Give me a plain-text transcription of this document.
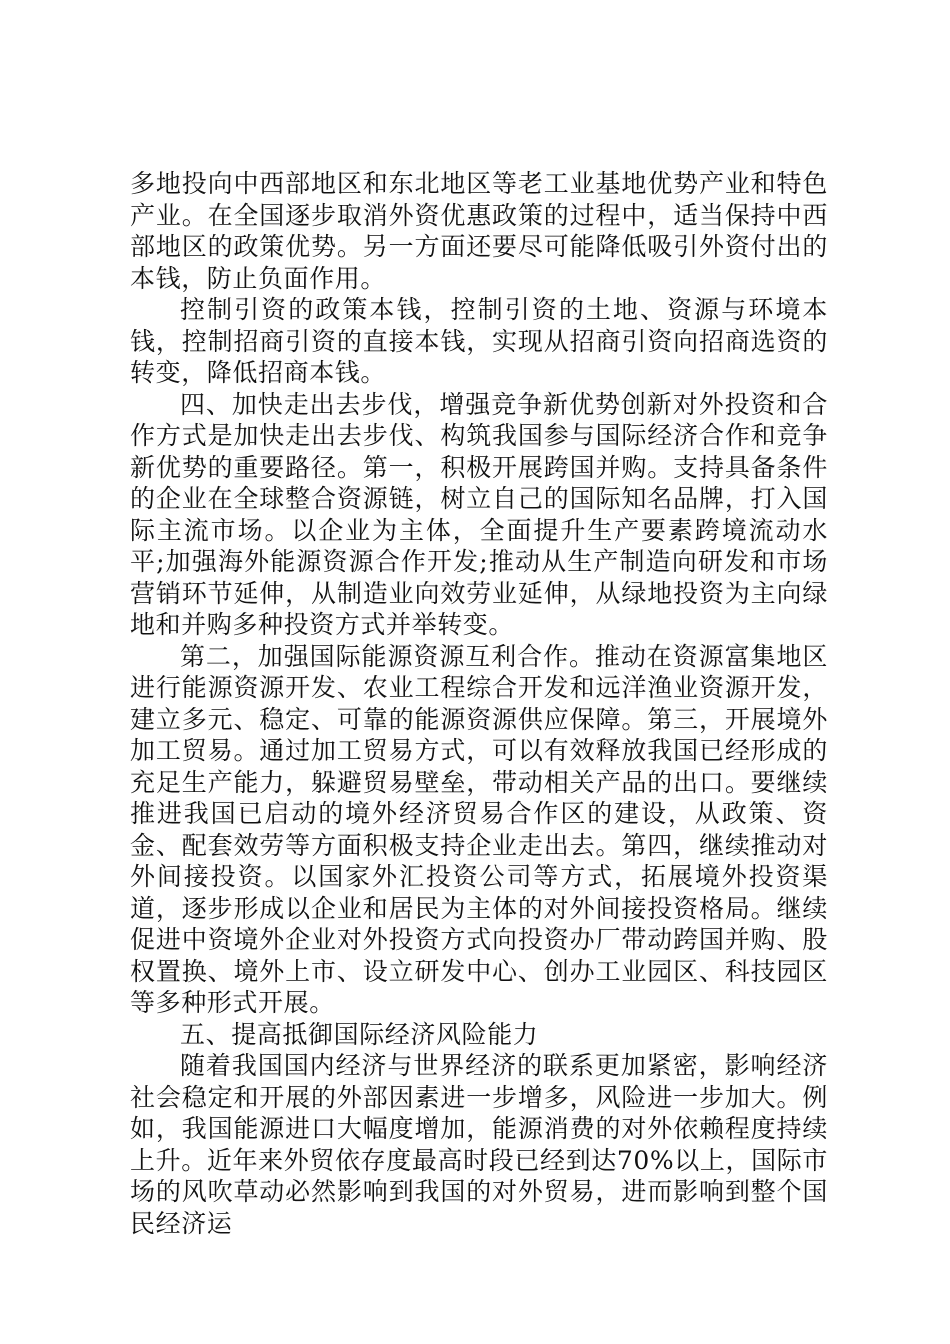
多地投向中西部地区和东北地区等老工业基地优势产业和特色产业。在全国逐步取消外资优惠政策的过程中，适当保持中西部地区的政策优势。另一方面还要尽可能降低吸引外资付出的本钱，防止负面作用。

控制引资的政策本钱，控制引资的土地、资源与环境本钱，控制招商引资的直接本钱，实现从招商引资向招商选资的转变，降低招商本钱。

四、加快走出去步伐，增强竞争新优势创新对外投资和合作方式是加快走出去步伐、构筑我国参与国际经济合作和竞争新优势的重要路径。第一，积极开展跨国并购。支持具备条件的企业在全球整合资源链，树立自己的国际知名品牌，打入国际主流市场。以企业为主体，全面提升生产要素跨境流动水平;加强海外能源资源合作开发;推动从生产制造向研发和市场营销环节延伸，从制造业向效劳业延伸，从绿地投资为主向绿地和并购多种投资方式并举转变。

第二，加强国际能源资源互利合作。推动在资源富集地区进行能源资源开发、农业工程综合开发和远洋渔业资源开发，建立多元、稳定、可靠的能源资源供应保障。第三，开展境外加工贸易。通过加工贸易方式，可以有效释放我国已经形成的充足生产能力，躲避贸易壁垒，带动相关产品的出口。要继续推进我国已启动的境外经济贸易合作区的建设，从政策、资金、配套效劳等方面积极支持企业走出去。第四，继续推动对外间接投资。以国家外汇投资公司等方式，拓展境外投资渠道，逐步形成以企业和居民为主体的对外间接投资格局。继续促进中资境外企业对外投资方式向投资办厂带动跨国并购、股权置换、境外上市、设立研发中心、创办工业园区、科技园区等多种形式开展。

五、提高抵御国际经济风险能力

随着我国国内经济与世界经济的联系更加紧密，影响经济社会稳定和开展的外部因素进一步增多，风险进一步加大。例如，我国能源进口大幅度增加，能源消费的对外依赖程度持续上升。近年来外贸依存度最高时段已经到达70%以上，国际市场的风吹草动必然影响到我国的对外贸易，进而影响到整个国民经济运
